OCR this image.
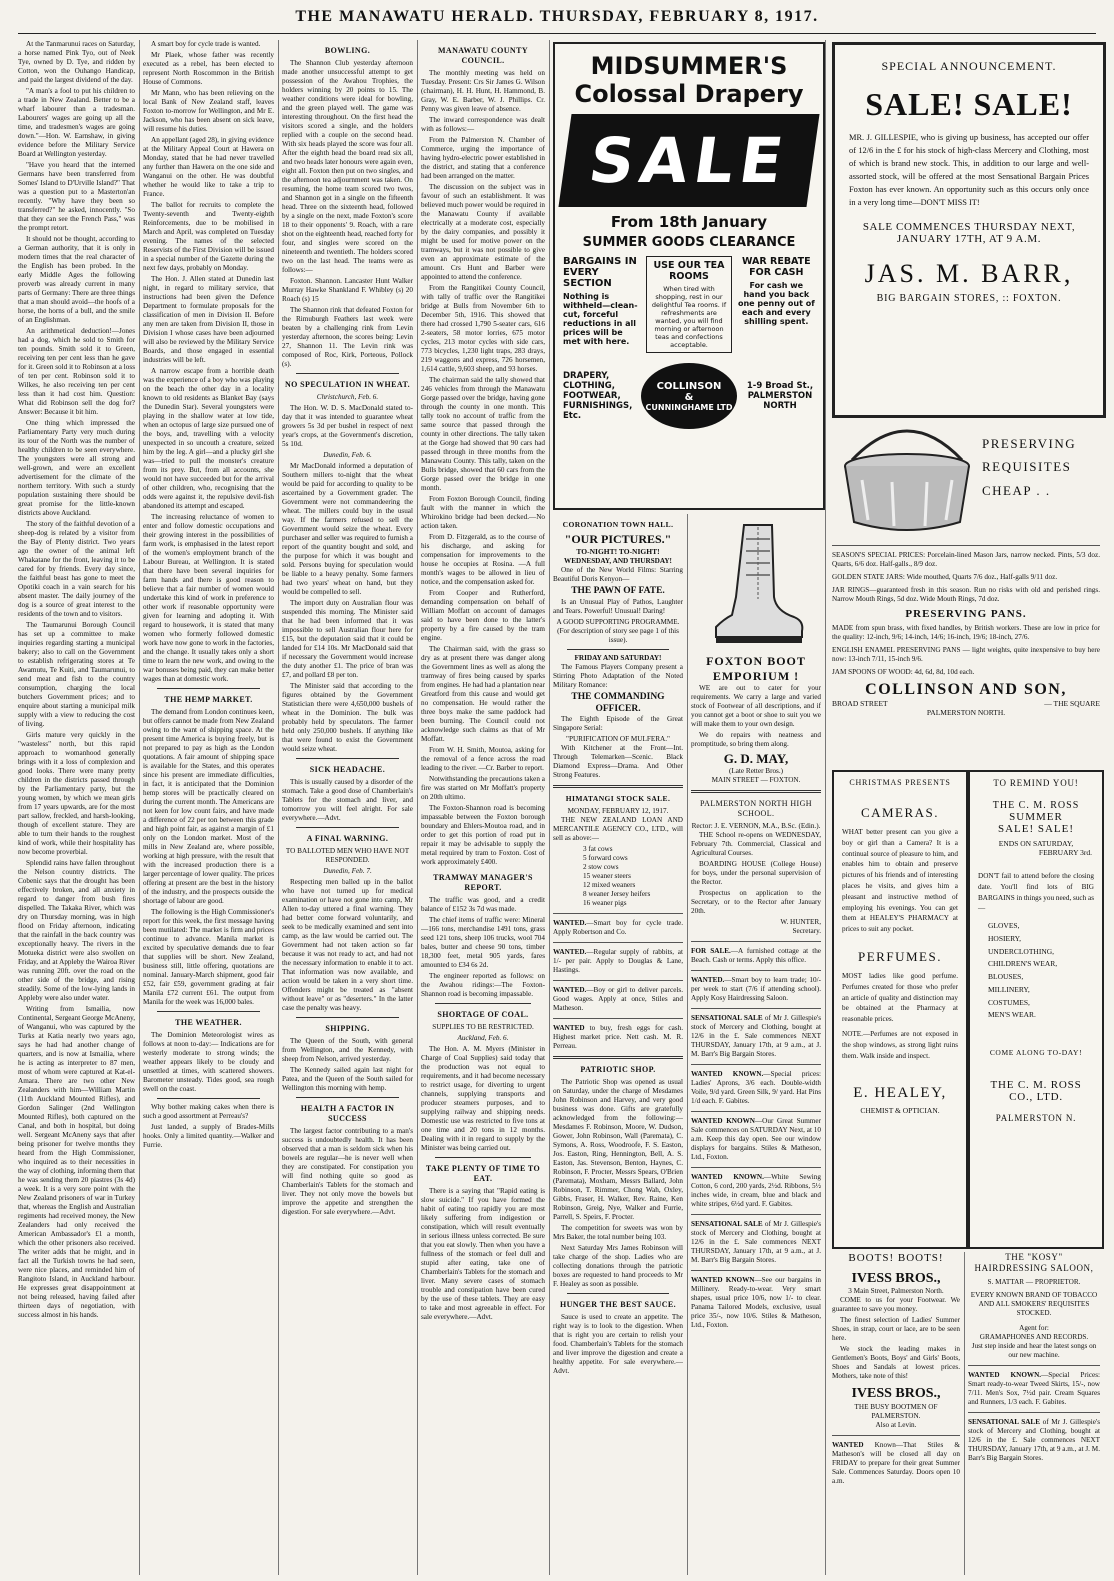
THE MANAWATU HERALD. THURSDAY, FEBRUARY 8, 1917.

At the Tanmarunui races on Saturday, a horse named Pink Tyo, out of Neek Tye, owned by D. Tye, and ridden by Cotton, won the Ouhango Handicap, and paid the largest dividend of the day.

"A man's a fool to put his children to a trade in New Zealand. Better to be a wharf labourer than a tradesman. Labourers' wages are going up all the time, and tradesmen's wages are going down."—Hon. W. Earnshaw, in giving evidence before the Military Service Board at Wellington yesterday.

"Have you heard that the interned Germans have been transferred from Somes' Island to D'Urville Island?" That was a question put to a Masterton'an recently. "Why have they been so transferred?" he asked, innocently. "So that they can see the French Pass," was the prompt retort.

It should not be thought, according to a German authority, that it is only in modern times that the real character of the English has been probed. In the early Middle Ages the following proverb was already current in many parts of Germany: There are three things that a man should avoid—the hoofs of a horse, the horns of a bull, and the smile of an Englishman.

An arithmetical deduction!—Jones had a dog, which he sold to Smith for ten pounds. Smith sold it to Green, receiving ten per cent less than he gave for it. Green sold it to Robinson at a loss of ten per cent. Robinson sold it to Wilkes, he also receiving ten per cent less than it had cost him. Question: What did Robinson sell the dog for? Answer: Because it bit him.

One thing which impressed the Parliamentary Party very much during its tour of the North was the number of healthy children to be seen everywhere. The youngsters were all strong and well-grown, and were an excellent advertisement for the climate of the northern territory. With such a sturdy population sustaining there should be great promise for the little-known districts above Auckland.

The story of the faithful devotion of a sheep-dog is related by a visitor from the Bay of Plenty district. Two years ago the owner of the animal left Whakatane for the front, leaving it to be cared for by friends. Every day since, the faithful beast has gone to meet the Opotiki coach in a vain search for his absent master. The daily journey of the dog is a source of great interest to the residents of the town and to visitors.

The Taumarunui Borough Council has set up a committee to make inquiries regarding starting a municipal bakery; also to call on the Government to establish refrigerating stores at Te Awamutu, Te Kuiti, and Taumarunui, to send meat and fish to the country consumption, charging the local butchers Government prices; and to enquire about starting a municipal milk supply with a view to reducing the cost of living.

Girls mature very quickly in the "wasteless" north, but this rapid approach to womanhood generally brings with it a loss of complexion and good looks. There were many pretty children in the districts passed through by the Parliamentary party, but the young women, by which we mean girls from 17 years upwards, are for the most part sallow, freckled, and harsh-looking, though of excellent stature. They are able to turn their hands to the roughest kind of work, while their hospitality has now become proverbial.

Splendid rains have fallen throughout the Nelson country districts. The Cobenic says that the drought has been effectively broken, and all anxiety in regard to danger from bush fires dispelled. The Takaka River, which was dry on Thursday morning, was in high flood on Friday afternoon, indicating that the rainfall in the back country was exceptionally heavy. The rivers in the Motueka district were also swollen on Friday, and at Appleby the Wairoa River was running 20ft. over the road on the other side of the bridge, and rising steadily. Some of the low-lying lands in Appleby were also under water.

Writing from Ismailia, now Continental, Sergeant George McAneny, of Wanganui, who was captured by the Turks at Katia nearly two years ago, says he had had another change of quarters, and is now at Ismailia, where he is acting as interpreter to 87 men, most of whom were captured at Kat-el-Amara. There are two other New Zealanders with him—William Martin (11th Auckland Mounted Rifles), and Gordon Salinger (2nd Wellington Mounted Rifles), both captured on the Canal, and both in hospital, but doing well. Sergeant McAneny says that after being prisoner for twelve months they heard from the High Commissioner, who inquired as to their necessities in the way of clothing, informing them that he was sending them 20 piastres (3s 4d) a week. It is a very sore point with the New Zealand prisoners of war in Turkey that, whereas the English and Australian regiments had received money, the New Zealanders had only received the American Ambassador's £1 a month, which the other prisoners also received. The writer adds that he might, and in fact all the Turkish towns he had seen, were nice places, and reminded him of Rangitoto Island, in Auckland harbour. He expresses great disappointment at not being released, having failed after thirteen days of negotiation, with success almost in his hands.

A smart boy for cycle trade is wanted.

Mr Plaek, whose father was recently executed as a rebel, has been elected to represent North Roscommon in the British House of Commons.

Mr Mann, who has been relieving on the local Bank of New Zealand staff, leaves Foxton to-morrow for Wellington, and Mr E. Jackson, who has been absent on sick leave, will resume his duties.

An appellant (aged 28), in giving evidence at the Military Appeal Court at Hawera on Monday, stated that he had never travelled any further than Hawera on the one side and Wanganui on the other. He was doubtful whether he would like to take a trip to France.

The ballot for recruits to complete the Twenty-seventh and Twenty-eighth Reinforcements, due to be mobilised in March and April, was completed on Tuesday evening. The names of the selected Reservists of the First Division will be issued in a special number of the Gazette during the next few days, probably on Monday.

The Hon. J. Allen stated at Dunedin last night, in regard to military service, that instructions had been given the Defence Department to formulate proposals for the classification of men in Division II. Before any men are taken from Division II, those in Division I whose cases have been adjourned will also be reviewed by the Military Service Boards, and those engaged in essential industries will be left.

A narrow escape from a horrible death was the experience of a boy who was playing on the beach the other day in a locality known to old residents as Blanket Bay (says the Dunedin Star). Several youngsters were playing in the shallow water at low tide, when an octopus of large size pursued one of the boys, and, travelling with a velocity unexpected in so uncouth a creature, seized him by the leg. A girl—and a plucky girl she was—tried to pull the monster's creature from its prey. But, from all accounts, she would not have succeeded but for the arrival of other children, who, recognising that the odds were against it, the repulsive devil-fish abandoned its attempt and escaped.

The increasing reluctance of women to enter and follow domestic occupations and their growing interest in the possibilities of farm work, is emphasised in the latest report of the women's employment branch of the Labour Bureau, at Wellington. It is stated that there have been several inquiries for farm hands and there is good reason to believe that a fair number of women would undertake this kind of work in preference to other work if reasonable opportunity were given for learning and adopting it. With regard to housework, it is stated that many women who formerly followed domestic work have now gone to work in the factories, and the change. It usually takes only a short time to learn the new work, and owing to the war bonuses being paid, they can make better wages than at domestic work.

THE HEMP MARKET.

The demand from London continues keen, but offers cannot be made from New Zealand owing to the want of shipping space. At the present time America is buying freely, but is not prepared to pay as high as the London quotations. A fair amount of shipping space is available for the States, and this operates since his present are immediate difficulties, in fact, it is anticipated that the Dominion hemp stores will be practically cleared on during the current month. The Americans are not keen for low count fairs, and have made a difference of 22 per ton between this grade and high point fair, as against a margin of £1 only on the London market. Most of the mills in New Zealand are, where possible, working at high pressure, with the result that with the increased production there is a larger percentage of lower quality. The prices offering at present are the best in the history of the industry, and the prospects outside the shortage of labour are good.

The following is the High Commissioner's report for this week, the first message having been mutilated: The market is firm and prices continue to advance. Manila market is excited by speculative demands due to fear that supplies will be short. New Zealand, business still, little offering, quotations are nominal. January-March shipment, good fair £52, fair £59, government grading at fair Manila £72 current £61. The output from Manila for the week was 16,000 bales.

THE WEATHER.

The Dominion Meteorologist wires as follows at noon to-day:— Indications are for westerly moderate to strong winds; the weather appears likely to be cloudy and unsettled at times, with scattered showers. Barometer unsteady. Tides good, sea rough swell on the coast.

Why bother making cakes when there is such a good assortment at Perreau's?

Just landed, a supply of Brades-Mills hooks. Only a limited quantity.—Walker and Furrie.

BOWLING.

The Shannon Club yesterday afternoon made another unsuccessful attempt to get possession of the Awahou Trophies, the holders winning by 20 points to 15. The weather conditions were ideal for bowling, and the green played well. The game was interesting throughout. On the first head the visitors scored a single, and the holders replied with a couple on the second head. With six heads played the score was four all. After the eighth head the board read six all, and two heads later honours were again even, eight all. Foxton then put on two singles, and the afternoon tea adjournment was taken. On resuming, the home team scored two twos, and Shannon got in a single on the fifteenth head. Three on the sixteenth head, followed by a single on the next, made Foxton's score 18 to their opponents' 9. Roach, with a rare shot on the eighteenth head, reached forty for four, and singles were scored on the nineteenth and twentieth. The holders scored two on the last head. The teams were as follows:—

Foxton. Shannon. Lancaster Hunt Walker Murray Hawke Shankland F. Whibley (s) 20 Roach (s) 15

The Shannon rink that defeated Foxton for the Rimuburgh Feathers last week were beaten by a challenging rink from Levin yesterday afternoon, the scores being: Levin 27, Shannon 11. The Levin rink was composed of Roc, Kirk, Porteous, Pollock (s).

NO SPECULATION IN WHEAT.
Christchurch, Feb. 6.

The Hon. W. D. S. MacDonald stated to-day that it was intended to guarantee wheat growers 5s 3d per bushel in respect of next year's crops, at the Government's discretion, 5s 10d.

Dunedin, Feb. 6.

Mr MacDonald informed a deputation of Southern millers to-night that the wheat would be paid for according to quality to be ascertained by a Government grader. The Government were not commandeering the wheat. The millers could buy in the usual way. If the farmers refused to sell the Government would seize the wheat. Every purchaser and seller was required to furnish a report of the quantity bought and sold, and the purpose for which it was bought and sold. Persons buying for speculation would be liable to a heavy penalty. Some farmers had two years' wheat on hand, but they would be compelled to sell.

The import duty on Australian flour was suspended this morning. The Minister said that he had been informed that it was impossible to sell Australian flour here for £15, but the deputation said that it could be landed for £14 10s. Mr MacDonald said that if necessary the Government would increase the duty another £1. The price of bran was £7, and pollard £8 per ton.

The Minister said that according to the figures obtained by the Government Statistician there were 4,650,000 bushels of wheat in the Dominion. The bulk was probably held by speculators. The farmer held only 250,000 bushels. If anything like that were found to exist the Government would seize wheat.

SICK HEADACHE.

This is usually caused by a disorder of the stomach. Take a good dose of Chamberlain's Tablets for the stomach and liver, and tomorrow you will feel alright. For sale everywhere.—Advt.

A FINAL WARNING.
TO BALLOTED MEN WHO HAVE NOT RESPONDED.
Dunedin, Feb. 7.

Respecting men balled up in the ballot who have not turned up for medical examination or have not gone into camp, Mr Allen to-day uttered a final warning. They had better come forward voluntarily, and seek to be medically examined and sent into camp, as the law would be carried out. The Government had not taken action so far because it was not ready to act, and had not the necessary information to enable it to act. That information was now available, and action would be taken in a very short time. Offenders might be treated as "absent without leave" or as "deserters." In the latter case the penalty was heavy.

SHIPPING.

The Queen of the South, with general from Wellington, and the Kennedy, with sheep from Nelson, arrived yesterday.

The Kennedy sailed again last night for Patea, and the Queen of the South sailed for Wellington this morning with hemp.

HEALTH A FACTOR IN SUCCESS

The largest factor contributing to a man's success is undoubtedly health. It has been observed that a man is seldom sick when his bowels are regular—he is never well when they are constipated. For constipation you will find nothing quite so good as Chamberlain's Tablets for the stomach and liver. They not only move the bowels but improve the appetite and strengthen the digestion. For sale everywhere.—Advt.

MANAWATU COUNTY COUNCIL.

The monthly meeting was held on Tuesday. Present: Crs Sir James G. Wilson (chairman), H. H. Hunt, H. Hammond, B. Gray, W. E. Barber, W. J. Phillips. Cr. Penny was given leave of absence.

The inward correspondence was dealt with as follows:—

From the Palmerston N. Chamber of Commerce, urging the importance of having hydro-electric power established in the district, and stating that a conference had been arranged on the matter.

The discussion on the subject was in favour of such an establishment. It was believed much power would be required in the Manawatu County if available electrically at a moderate cost, especially by the dairy companies, and possibly it might be used for motive power on the tramways, but it was not possible to give even an approximate estimate of the amount. Crs Hunt and Barber were appointed to attend the conference.

From the Rangitikei County Council, with tally of traffic over the Rangitikei bridge at Bulls from November 6th to December 5th, 1916. This showed that there had crossed 1,790 5-seater cars, 616 2-seaters, 58 motor lorries, 675 motor cycles, 213 motor cycles with side cars, 773 bicycles, 1,230 light traps, 283 drays, 219 waggons and express, 726 horsemen, 1,614 cattle, 9,603 sheep, and 93 horses.

The chairman said the tally showed that 246 vehicles from through the Manawatu Gorge passed over the bridge, having gone through the county in one month. This tally took no account of traffic from the same source that passed through the county in other directions. The tally taken at the Gorge had showed that 90 cars had passed through in three months from the Manawatu County. This tally, taken on the Bulls bridge, showed that 60 cars from the Gorge passed over the bridge in one month.

From Foxton Borough Council, finding fault with the manner in which the Whirokino bridge had been decked.—No action taken.

From D. Fitzgerald, as to the course of his discharge, and asking for compensation for improvements to the house he occupies at Rosina. —A full month's wages to be allowed in lieu of notice, and the compensation asked for.

From Cooper and Rutherford, demanding compensation on behalf of William Moffatt on account of damages said to have been done to the latter's property by a fire caused by the tram engine.

The Chairman said, with the grass so dry as at present there was danger along the Government lines as well as along the tramway of fires being caused by sparks from engines. He had had a plantation near Greatford from this cause and would get no compensation. He would rather the three boys make the same paddock had been burning. The Council could not acknowledge such claims as that of Mr Moffatt.

From W. H. Smith, Moutoa, asking for the removal of a fence across the road leading to the river. —Cr. Barber to report.

Notwithstanding the precautions taken a fire was started on Mr Moffatt's property on 20th ultimo.

The Foxton-Shannon road is becoming impassable between the Foxton borough boundary and Ehlers-Moutoa road, and in order to get this portion of road put in repair it may be advisable to supply the metal required by tram to Foxton. Cost of work approximately £400.

TRAMWAY MANAGER'S REPORT.

The traffic was good, and a credit balance of £152 3s 7d was made.

The chief items of traffic were: Mineral—166 tons, merchandise 1491 tons, grass seed 121 tons, sheep 106 trucks, wool 704 bales, butter and cheese 90 tons, timber 18,300 feet, metal 905 yards, fares amounted to £34 6s 2d.

The engineer reported as follows: on the Awahou ridings:—The Foxton-Shannon road is becoming impassable.

SHORTAGE OF COAL.
SUPPLIES TO BE RESTRICTED.
Auckland, Feb. 6.

The Hon. A. M. Myers (Minister in Charge of Coal Supplies) said today that the production was not equal to requirements, and it had become necessary to restrict usage, for diverting to urgent channels, supplying transports and producer steamers purposes, and to supplying railway and shipping needs. Domestic use was restricted to five tons at one time and 20 tons in 12 months. Dealing with it in regard to supply by the Minister was being carried out.

TAKE PLENTY OF TIME TO EAT.

There is a saying that "Rapid eating is slow suicide." If you have formed the habit of eating too rapidly you are most likely suffering from indigestion or constipation, which will result eventually in serious illness unless corrected. Be sure that you eat slowly. Then when you have a fullness of the stomach or feel dull and stupid after eating, take one of Chamberlain's Tablets for the stomach and liver. Many severe cases of stomach trouble and constipation have been cured by the use of these tablets. They are easy to take and most agreeable in effect. For sale everywhere.—Advt.

MIDSUMMER'S
Colossal Drapery
SALE
From 18th January
SUMMER GOODS CLEARANCE
BARGAINS IN EVERY SECTION
Nothing is withheld—clean-cut, forceful reductions in all prices will be met with here.
USE OUR TEA ROOMS
When tired with shopping, rest in our delightful Tea rooms. If refreshments are wanted, you will find morning or afternoon teas and confections acceptable.
WAR REBATE FOR CASH
For cash we hand you back one penny out of each and every shilling spent.
DRAPERY, CLOTHING, FOOTWEAR, FURNISHINGS, Etc.
COLLINSON
&
CUNNINGHAME LTD
1-9 Broad St., PALMERSTON NORTH
CORONATION TOWN HALL.
"OUR PICTURES."
TO-NIGHT! TO-NIGHT!
WEDNESDAY, AND THURSDAY!

One of the New World Films: Starring Beautiful Doris Kenyon—

THE PAWN OF FATE.

Is an Unusual Play of Pathos, Laughter and Tears. Powerful! Unusual! Daring!

A GOOD SUPPORTING PROGRAMME.
(For description of story see page 1 of this issue).
FRIDAY AND SATURDAY!

The Famous Players Company present a Stirring Photo Adaptation of the Noted Military Romance:

THE COMMANDING OFFICER.

The Eighth Episode of the Great Singapore Serial:

"PURIFICATION OF MULFERA."

With Kitchener at the Front—Int. Through Telemarken—Scenic. Black Diamond Express—Drama. And Other Strong Features.

HIMATANGI STOCK SALE.
MONDAY, FEBRUARY 12, 1917.

THE NEW ZEALAND LOAN AND MERCANTILE AGENCY CO., LTD., will sell as above:—

3 fat cows
5 forward cows
2 stow cows
15 weaner steers
12 mixed weaners
8 weaner Jersey heifers
16 weaner pigs
WANTED.—Smart boy for cycle trade. Apply Robertson and Co.
WANTED.—Regular supply of rabbits, at 1/- per pair. Apply to Douglas & Lane, Hastings.
WANTED.—Boy or girl to deliver parcels. Good wages. Apply at once, Stiles and Matheson.
WANTED to buy, fresh eggs for cash. Highest market price. Nett cash. M. R. Perreau.
PATRIOTIC SHOP.

The Patriotic Shop was opened as usual on Saturday, under the charge of Mesdames John Robinson and Harvey, and very good business was done. Gifts are gratefully acknowledged from the following:—Mesdames F. Robinson, Moore, W. Dudson, Gower, John Robinson, Wall (Paremata), C. Symons, A. Ross, Woodroofe, F. S. Easton, Jos. Easton, Ring, Hennington, Bell, A. S. Easton, Jas. Stevenson, Benton, Haynes, C. Robinson, F. Procter, Messrs Spears, O'Brien (Paremata), Moxham, Messrs Ballard, John Robinson, T. Rimmer, Chong Wah, Oxley, Gibbs, Fraser, H. Walker, Rev. Raine, Ken Robinson, Greig, Nye, Walker and Furrie, Parrell, S. Speirs, F. Procter.

The competition for sweets was won by Mrs Baker, the total number being 103.

Next Saturday Mrs James Robinson will take charge of the shop. Ladies who are collecting donations through the patriotic boxes are requested to hand proceeds to Mr F. Healey as soon as possible.

HUNGER THE BEST SAUCE.

Sauce is used to create an appetite. The right way is to look to the digestion. When that is right you are certain to relish your food. Chamberlain's Tablets for the stomach and liver improve the digestion and create a healthy appetite. For sale everywhere.—Advt.

FOXTON BOOT EMPORIUM !

WE are out to cater for your requirements. We carry a large and varied stock of Footwear of all descriptions, and if you cannot get a boot or shoe to suit you we will make them to your own design.

We do repairs with neatness and promptitude, so bring them along.

G. D. MAY,
(Late Retter Bros.)
MAIN STREET — FOXTON.
PALMERSTON NORTH HIGH SCHOOL.
Rector: J. E. VERNON, M.A., B.Sc. (Edin.).

THE School re-opens on WEDNESDAY, February 7th. Commercial, Classical and Agricultural Courses.

BOARDING HOUSE (College House) for boys, under the personal supervision of the Rector.

Prospectus on application to the Secretary, or to the Rector after January 20th.

W. HUNTER,
Secretary.
FOR SALE.—A furnished cottage at the Beach. Cash or terms. Apply this office.
WANTED.—Smart boy to learn trade; 10/- per week to start (7/6 if attending school). Apply Kosy Hairdressing Saloon.
SENSATIONAL SALE of Mr J. Gillespie's stock of Mercery and Clothing, bought at 12/6 in the £. Sale commences NEXT THURSDAY, January 17th, at 9 a.m., at J. M. Barr's Big Bargain Stores.
WANTED KNOWN.—Special prices: Ladies' Aprons, 3/6 each. Double-width Voile, 9/d yard. Green Silk, 9/ yard. Hat Pins 1/d each. F. Gabites.
WANTED KNOWN—Our Great Summer Sale commences on SATURDAY Next, at 10 a.m. Keep this day open. See our window displays for bargains. Stiles & Matheson, Ltd., Foxton.
WANTED KNOWN.—White Sewing Cotton, 6 cord, 200 yards, 2½d. Ribbons, 5½ inches wide, in cream, blue and black and white stripes, 6½d yard. F. Gabites.
SENSATIONAL SALE of Mr J. Gillespie's stock of Mercery and Clothing, bought at 12/6 in the £. Sale commences NEXT THURSDAY, January 17th, at 9 a.m., at J. M. Barr's Big Bargain Stores.
WANTED KNOWN—See our bargains in Millinery. Ready-to-wear. Very smart shapes, usual price 10/6, now 1/- to clear. Panama Tailored Models, exclusive, usual price 35/-, now 10/6. Stiles & Matheson, Ltd., Foxton.
SPECIAL ANNOUNCEMENT.
SALE! SALE!
MR. J. GILLESPIE, who is giving up business, has accepted our offer of 12/6 in the £ for his stock of high-class Mercery and Clothing, most of which is brand new stock. This, in addition to our large and well-assorted stock, will be offered at the most Sensational Bargain Prices Foxton has ever known. An opportunity such as this occurs only once in a very long time—DON'T MISS IT!
SALE COMMENCES THURSDAY NEXT, JANUARY 17TH, AT 9 A.M.
JAS. M. BARR,
BIG BARGAIN STORES, :: FOXTON.
PRESERVING REQUISITES CHEAP . .
SEASON'S SPECIAL PRICES: Porcelain-lined Mason Jars, narrow necked. Pints, 5/3 doz. Quarts, 6/6 doz. Half-galls., 8/9 doz.
GOLDEN STATE JARS: Wide mouthed, Quarts 7/6 doz., Half-galls 9/11 doz.
JAR RINGS—guaranteed fresh in this season. Run no risks with old and perished rings. Narrow Mouth Rings, 5d doz. Wide Mouth Rings, 7d doz.
PRESERVING PANS.
MADE from spun brass, with fixed handles, by British workers. These are low in price for the quality: 12-inch, 9/6; 14-inch, 14/6; 16-inch, 19/6; 18-inch, 27/6.
ENGLISH ENAMEL PRESERVING PANS — light weights, quite inexpensive to buy here now: 13-inch 7/11, 15-inch 9/6.
JAM SPOONS OF WOOD: 4d, 6d, 8d, 10d each.
COLLINSON AND SON,
BROAD STREET	— THE SQUARE
PALMERSTON NORTH.
CHRISTMAS PRESENTS
CAMERAS.
WHAT better present can you give a boy or girl than a Camera? It is a continual source of pleasure to him, and enables him to obtain and preserve pictures of his friends and of interesting places he visits, and gives him a pleasant and instructive method of employing his evenings. You can get them at HEALEY'S PHARMACY at prices to suit any pocket.
PERFUMES.
MOST ladies like good perfume. Perfumes created for those who prefer an article of quality and distinction may be obtained at the Pharmacy at reasonable prices.
NOTE.—Perfumes are not exposed in the shop windows, as strong light ruins them. Walk inside and inspect.
E. HEALEY,
CHEMIST & OPTICIAN.
TO REMIND YOU!
THE C. M. ROSS
SUMMER
SALE! SALE!
ENDS ON SATURDAY,
FEBRUARY 3rd.
DON'T fail to attend before the closing date. You'll find lots of BIG BARGAINS in things you need, such as—
GLOVES,
HOSIERY,
UNDERCLOTHING,
CHILDREN'S WEAR,
BLOUSES,
MILLINERY,
COSTUMES,
MEN'S WEAR.
COME ALONG TO-DAY!
THE C. M. ROSS CO., LTD.
PALMERSTON N.
BOOTS! BOOTS!
IVESS BROS.,
3 Main Street, Palmerston North.

COME to us for your Footwear. We guarantee to save you money.

The finest selection of Ladies' Summer Shoes, in strap, court or lace, are to be seen here.

We stock the leading makes in Gentlemen's Boots, Boys' and Girls' Boots, Shoes and Sandals at lowest prices. Mothers, take note of this!

IVESS BROS.,
THE BUSY BOOTMEN OF PALMERSTON.
Also at Levin.
WANTED Known—That Stiles & Matheson's will be closed all day on FRIDAY to prepare for their great Summer Sale. Commences Saturday. Doors open 10 a.m.
THE "KOSY" HAIRDRESSING SALOON,
S. MATTAR — PROPRIETOR.
EVERY KNOWN BRAND OF TOBACCO AND ALL SMOKERS' REQUISITES STOCKED.
Agent for:
GRAMAPHONES AND RECORDS.
Just step inside and hear the latest songs on our new machine.
WANTED KNOWN.—Special Prices: Smart ready-to-wear Tweed Skirts, 15/-, now 7/11. Men's Sox, 7½d pair. Cream Squares and Runners, 1/3 each. F. Gabites.
SENSATIONAL SALE of Mr J. Gillespie's stock of Mercery and Clothing, bought at 12/6 in the £. Sale commences NEXT THURSDAY, January 17th, at 9 a.m., at J. M. Barr's Big Bargain Stores.
